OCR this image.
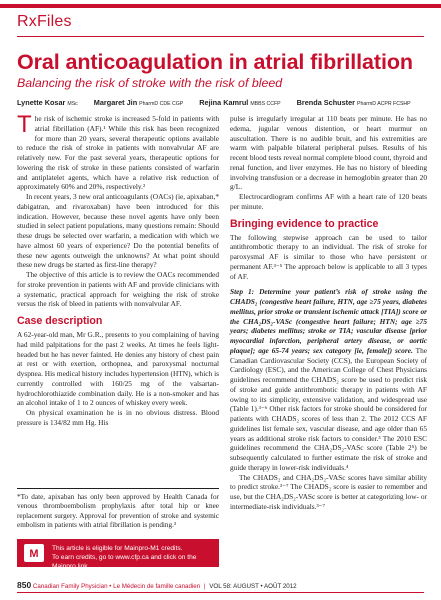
RxFiles
Oral anticoagulation in atrial fibrillation
Balancing the risk of stroke with the risk of bleed
Lynette Kosar MSc Margaret Jin PharmD CDE CGP Rejina Kamrul MBBS CCFP Brenda Schuster PharmD ACPR FCSHP

The risk of ischemic stroke is increased 5-fold in patients with atrial fibrillation (AF).¹ While this risk has been recognized for more than 20 years, several therapeutic options available to reduce the risk of stroke in patients with nonvalvular AF are relatively new. For the past several years, therapeutic options for lowering the risk of stroke in these patients consisted of warfarin and antiplatelet agents, which have a relative risk reduction of approximately 60% and 20%, respectively.²

In recent years, 3 new oral anticoagulants (OACs) (ie, apixaban,* dabigatran, and rivaroxaban) have been introduced for this indication. However, because these novel agents have only been studied in select patient populations, many questions remain: Should these drugs be selected over warfarin, a medication with which we have almost 60 years of experience? Do the potential benefits of these new agents outweigh the unknowns? At what point should these new drugs be started as first-line therapy?

The objective of this article is to review the OACs recommended for stroke prevention in patients with AF and provide clinicians with a systematic, practical approach for weighing the risk of stroke versus the risk of bleed in patients with nonvalvular AF.

Case description

A 62-year-old man, Mr G.R., presents to you complaining of having had mild palpitations for the past 2 weeks. At times he feels light-headed but he has never fainted. He denies any history of chest pain at rest or with exertion, orthopnea, and paroxysmal nocturnal dyspnea. His medical history includes hypertension (HTN), which is currently controlled with 160/25 mg of the valsartan-hydrochlorothiazide combination daily. He is a non-smoker and has an alcohol intake of 1 to 2 ounces of whiskey every week.

On physical examination he is in no obvious distress. Blood pressure is 134/82 mm Hg. His

*To date, apixaban has only been approved by Health Canada for venous thromboembolism prophylaxis after total hip or knee replacement surgery. Approval for prevention of stroke and systemic embolism in patients with atrial fibrillation is pending.³
M This article is eligible for Mainpro-M1 credits.
To earn credits, go to www.cfp.ca and click on the Mainpro link.

pulse is irregularly irregular at 110 beats per minute. He has no edema, jugular venous distention, or heart murmur on auscultation. There is no audible bruit, and his extremities are warm with palpable bilateral peripheral pulses. Results of his recent blood tests reveal normal complete blood count, thyroid and renal function, and liver enzymes. He has no history of bleeding involving transfusion or a decrease in hemoglobin greater than 20 g/L.

Electrocardiogram confirms AF with a heart rate of 120 beats per minute.

Bringing evidence to practice

The following stepwise approach can be used to tailor antithrombotic therapy to an individual. The risk of stroke for paroxysmal AF is similar to those who have persistent or permanent AF.³⁻⁵ The approach below is applicable to all 3 types of AF.

Step 1: Determine your patient’s risk of stroke using the CHADS₂ (congestive heart failure, HTN, age ≥75 years, diabetes mellitus, prior stroke or transient ischemic attack [TIA]) score or the CHA₂DS₂-VASc (congestive heart failure; HTN; age ≥75 years; diabetes mellitus; stroke or TIA; vascular disease [prior myocardial infarction, peripheral artery disease, or aortic plaque]; age 65-74 years; sex category [ie, female]) score. The Canadian Cardiovascular Society (CCS), the European Society of Cardiology (ESC), and the American College of Chest Physicians guidelines recommend the CHADS₂ score be used to predict risk of stroke and guide antithrombotic therapy in patients with AF owing to its simplicity, extensive validation, and widespread use (Table 1).³⁻⁶ Other risk factors for stroke should be considered for patients with CHADS₂ scores of less than 2. The 2012 CCS AF guidelines list female sex, vascular disease, and age older than 65 years as additional stroke risk factors to consider.³ The 2010 ESC guidelines recommend the CHA₂DS₂-VASc score (Table 2⁵) be subsequently calculated to further estimate the risk of stroke and guide therapy in lower-risk individuals.⁴

The CHADS₂ and CHA₂DS₂-VASc scores have similar ability to predict stroke.³⁻⁷ The CHADS₂ score is easier to remember and use, but the CHA₂DS₂-VASc score is better at categorizing low- or intermediate-risk individuals.³⁻⁷

850 Canadian Family Physician • Le Médecin de famille canadien | VOL 58: AUGUST • AOÛT 2012
